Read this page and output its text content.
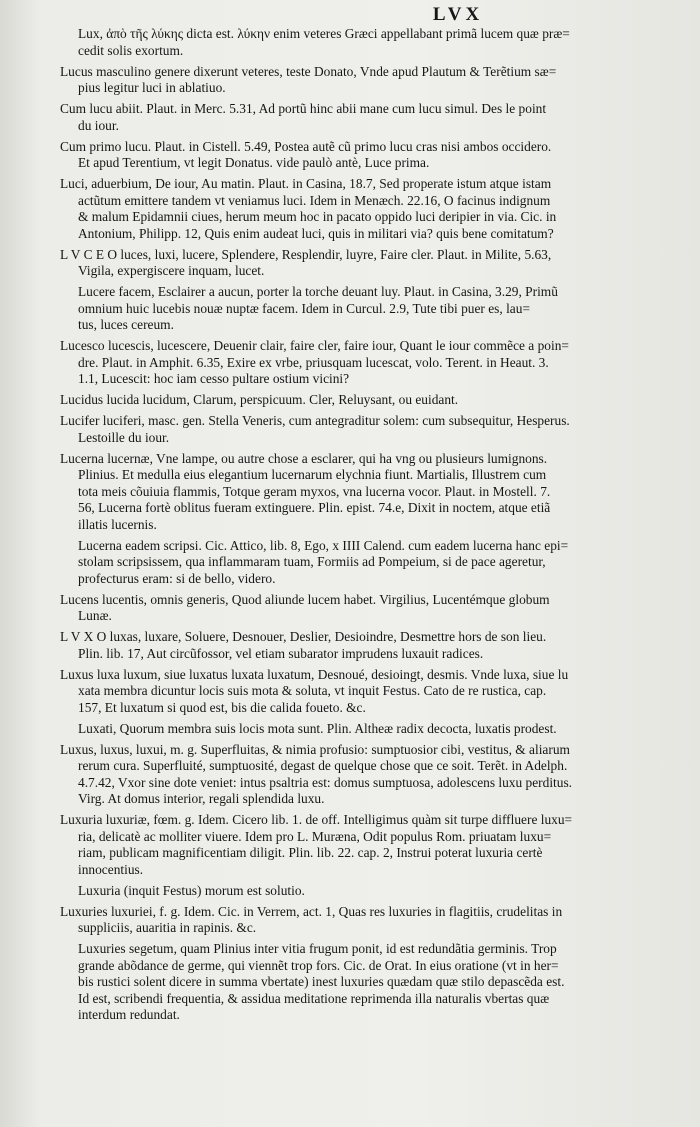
LVX
Lux, ἀπὸ τῆς λύκης dicta est. λύκην enim veteres Græci appellabant primã lucem quæ præ=
cedit solis exortum.
Lucus masculino genere dixerunt veteres, teste Donato, Vnde apud Plautum & Terẽtium sæ=
pius legitur luci in ablatiuo.
Cum lucu abiit. Plaut. in Merc. 5.31, Ad portũ hinc abii mane cum lucu simul. Des le point
du iour.
Cum primo lucu. Plaut. in Cistell. 5.49, Postea autẽ cũ primo lucu cras nisi ambos occidero.
Et apud Terentium, vt legit Donatus. vide paulò antè, Luce prima.
Luci, aduerbium, De iour, Au matin. Plaut. in Casina, 18.7, Sed properate istum atque istam
actũtum emittere tandem vt veniamus luci. Idem in Menæch. 22.16, O facinus indignum
& malum Epidamnii ciues, herum meum hoc in pacato oppido luci deripier in via. Cic. in
Antonium, Philipp. 12, Quis enim audeat luci, quis in militari via? quis bene comitatum?
L V C E O luces, luxi, lucere, Splendere, Resplendir, luyre, Faire cler. Plaut. in Milite, 5.63,
Vigila, expergiscere inquam, lucet.
Lucere facem, Esclairer a aucun, porter la torche deuant luy. Plaut. in Casina, 3.29, Primũ
omnium huic lucebis nouæ nuptæ facem. Idem in Curcul. 2.9, Tute tibi puer es, lau=
tus, luces cereum.
Lucesco lucescis, lucescere, Deuenir clair, faire cler, faire iour, Quant le iour commẽce a poin=
dre. Plaut. in Amphit. 6.35, Exire ex vrbe, priusquam lucescat, volo. Terent. in Heaut. 3.
1.1, Lucescit: hoc iam cesso pultare ostium vicini?
Lucidus lucida lucidum, Clarum, perspicuum. Cler, Reluysant, ou euidant.
Lucifer luciferi, masc. gen. Stella Veneris, cum antegraditur solem: cum subsequitur, Hesperus.
Lestoille du iour.
Lucerna lucernæ, Vne lampe, ou autre chose a esclarer, qui ha vng ou plusieurs lumignons.
Plinius. Et medulla eius elegantium lucernarum elychnia fiunt. Martialis, Illustrem cum
tota meis cõuiuia flammis, Totque geram myxos, vna lucerna vocor. Plaut. in Mostell. 7.
56, Lucerna fortè oblitus fueram extinguere. Plin. epist. 74.e, Dixit in noctem, atque etiã
illatis lucernis.
Lucerna eadem scripsi. Cic. Attico, lib. 8, Ego, x IIII Calend. cum eadem lucerna hanc epi=
stolam scripsissem, qua inflammaram tuam, Formiis ad Pompeium, si de pace ageretur,
profecturus eram: si de bello, videro.
Lucens lucentis, omnis generis, Quod aliunde lucem habet. Virgilius, Lucentémque globum
Lunæ.
L V X O luxas, luxare, Soluere, Desnouer, Deslier, Desioindre, Desmettre hors de son lieu.
Plin. lib. 17, Aut circũfossor, vel etiam subarator imprudens luxauit radices.
Luxus luxa luxum, siue luxatus luxata luxatum, Desnoué, desioingt, desmis. Vnde luxa, siue lu
xata membra dicuntur locis suis mota & soluta, vt inquit Festus. Cato de re rustica, cap.
157, Et luxatum si quod est, bis die calida foueto. &c.
Luxati, Quorum membra suis locis mota sunt. Plin. Altheæ radix decocta, luxatis prodest.
Luxus, luxus, luxui, m. g. Superfluitas, & nimia profusio: sumptuosior cibi, vestitus, & aliarum
rerum cura. Superfluité, sumptuosité, degast de quelque chose que ce soit. Terẽt. in Adelph.
4.7.42, Vxor sine dote veniet: intus psaltria est: domus sumptuosa, adolescens luxu perditus.
Virg. At domus interior, regali splendida luxu.
Luxuria luxuriæ, fœm. g. Idem. Cicero lib. 1. de off. Intelligimus quàm sit turpe diffluere luxu=
ria, delicatè ac molliter viuere. Idem pro L. Muræna, Odit populus Rom. priuatam luxu=
riam, publicam magnificentiam diligit. Plin. lib. 22. cap. 2, Instrui poterat luxuria certè
innocentius.
Luxuria (inquit Festus) morum est solutio.
Luxuries luxuriei, f. g. Idem. Cic. in Verrem, act. 1, Quas res luxuries in flagitiis, crudelitas in
suppliciis, auaritia in rapinis. &c.
Luxuries segetum, quam Plinius inter vitia frugum ponit, id est redundãtia germinis. Trop
grande abõdance de germe, qui viennẽt trop fors. Cic. de Orat. In eius oratione (vt in her=
bis rustici solent dicere in summa vbertate) inest luxuries quædam quæ stilo depascẽda est.
Id est, scribendi frequentia, & assidua meditatione reprimenda illa naturalis vbertas quæ
interdum redundat.
